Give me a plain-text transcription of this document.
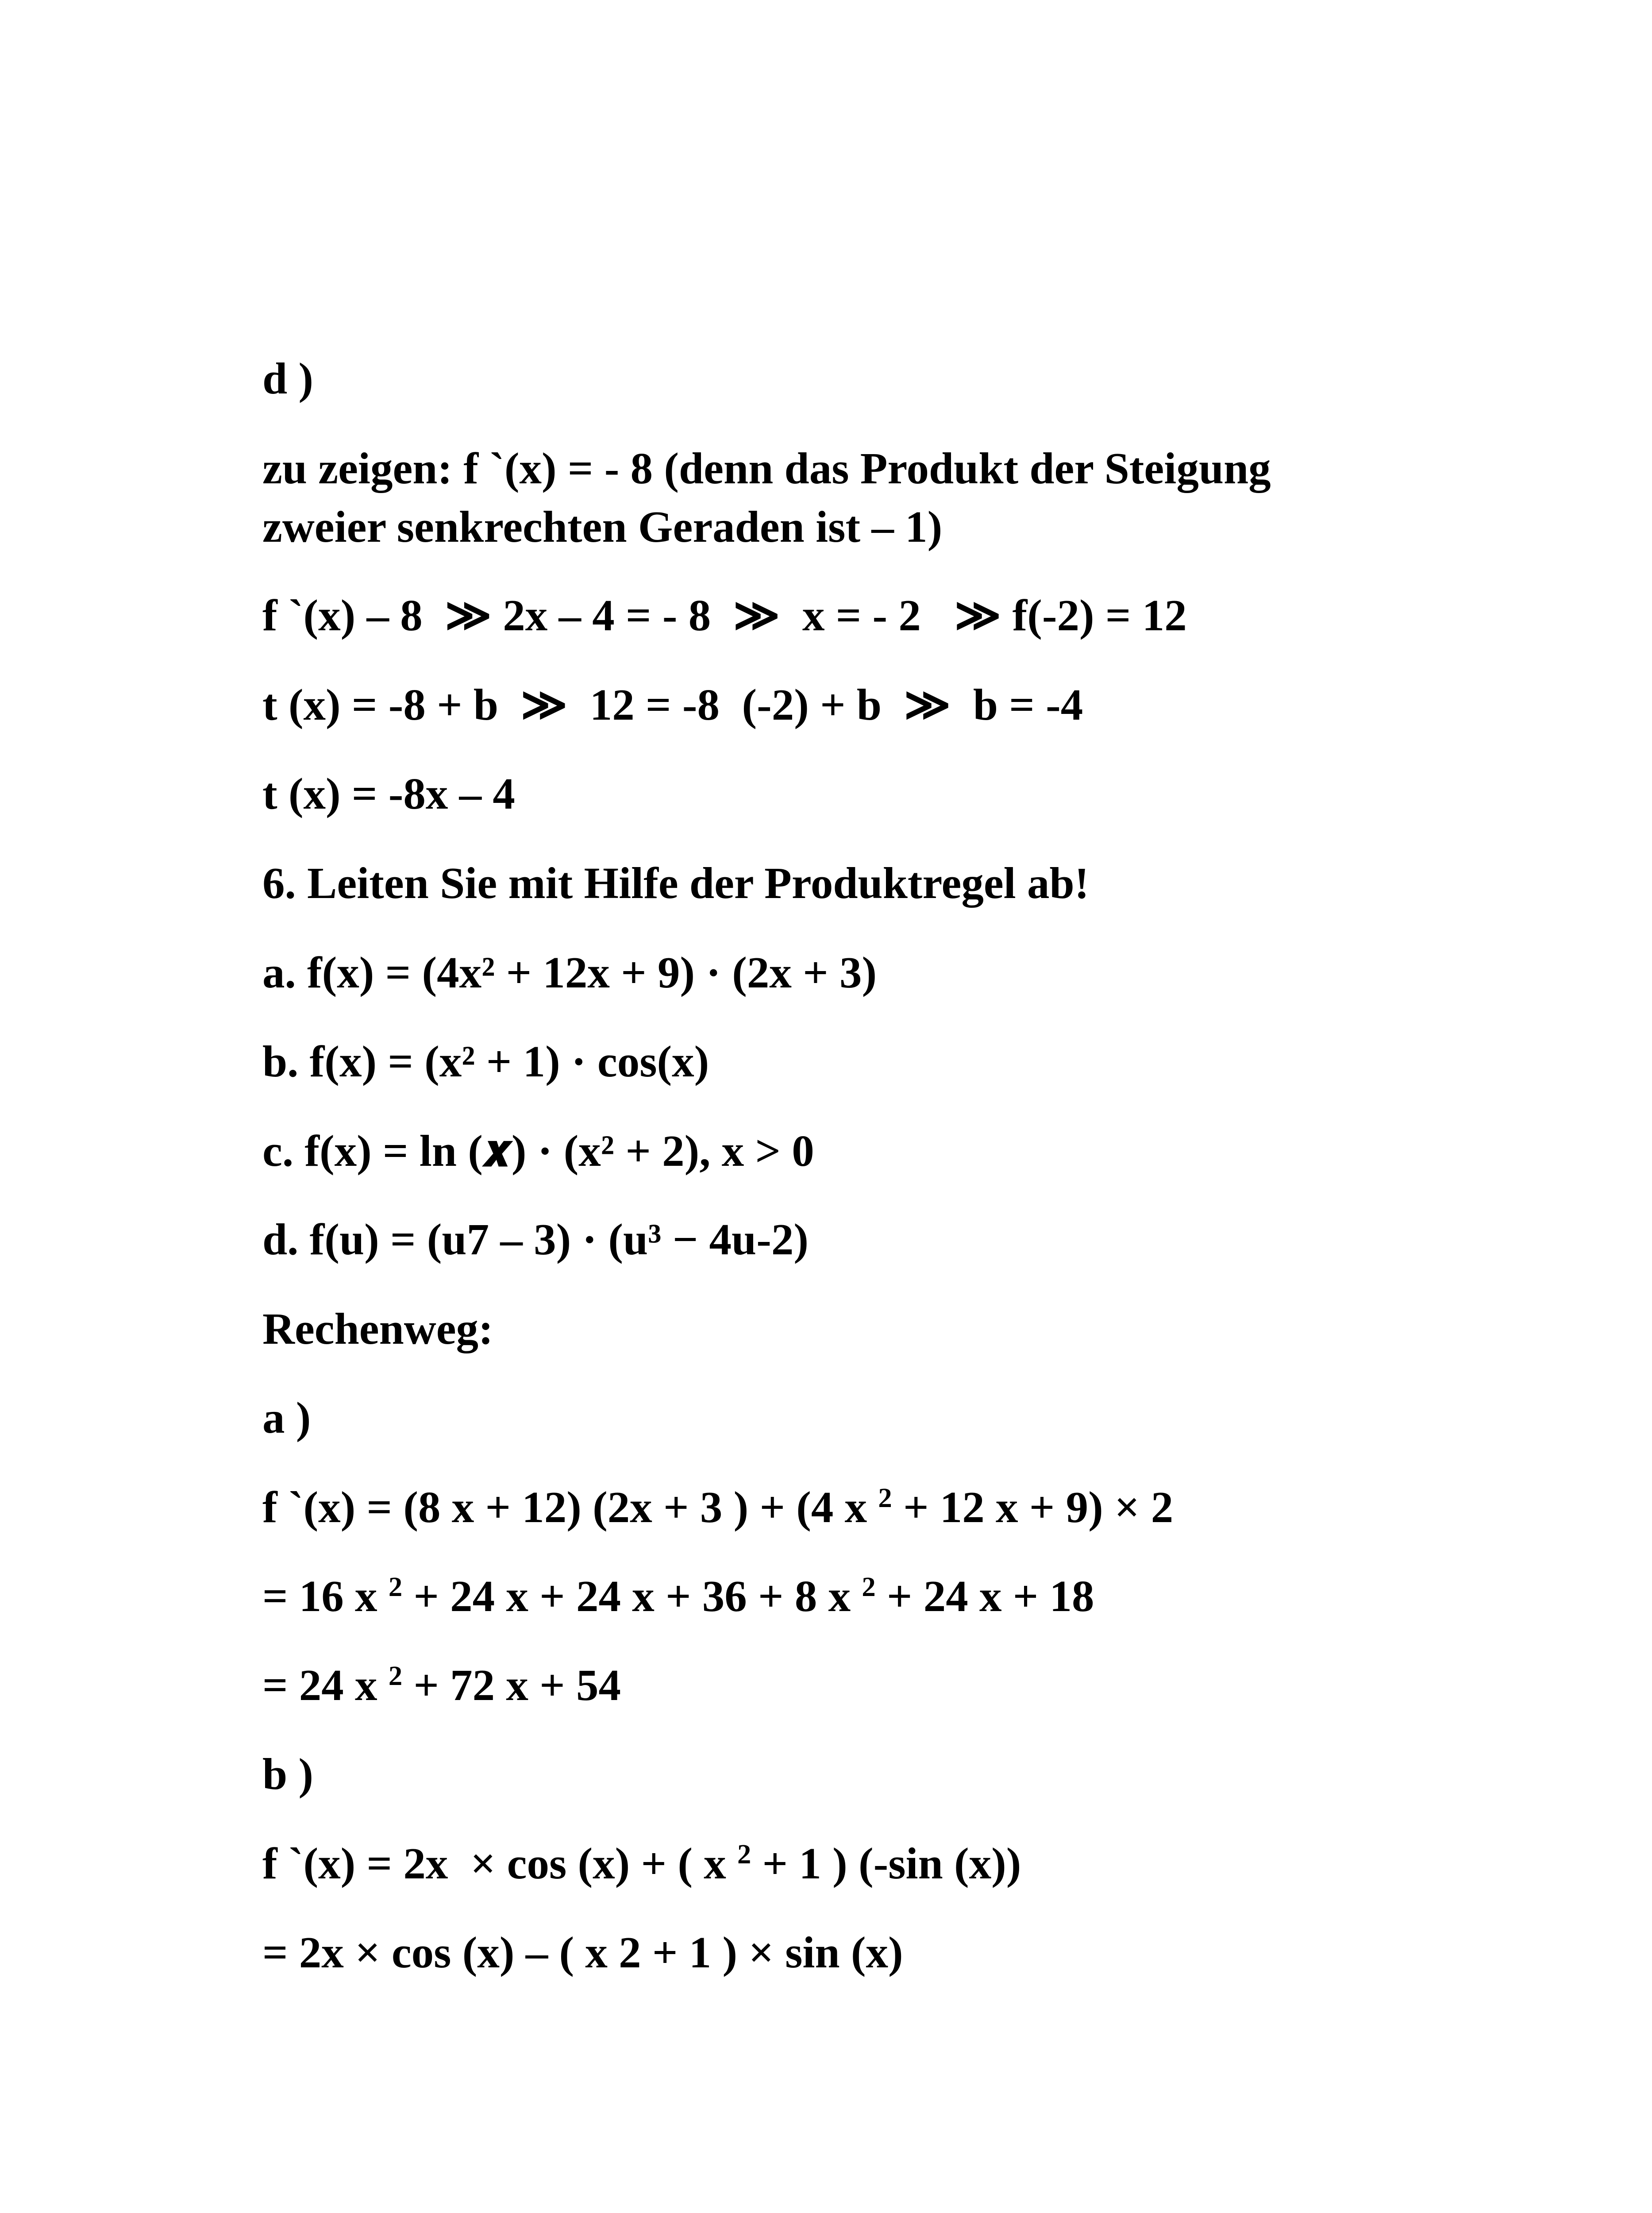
d )

zu zeigen: f `(x) = - 8 (denn das Produkt der Steigung

zweier senkrechten Geraden ist – 1)

f `(x) – 8  ≫ 2x – 4 = - 8  ≫  x = - 2   ≫ f(-2) = 12

t (x) = -8 + b  ≫  12 = -8  (-2) + b  ≫  b = -4

t (x) = -8x – 4

6. Leiten Sie mit Hilfe der Produktregel ab!

a. f(x) = (4x² + 12x + 9) · (2x + 3)

b. f(x) = (x² + 1) · cos(x)

c. f(x) = ln (𝒙) · (x² + 2), x > 0

d. f(u) = (u7 – 3) · (u³ − 4u-2)

Rechenweg:

a )

f `(x) = (8 x + 12) (2x + 3 ) + (4 x $^2$ + 12 x + 9) × 2

= 16 x $^2$ + 24 x + 24 x + 36 + 8 x $^2$ + 24 x + 18

= 24 x $^2$ + 72 x + 54

b )

f `(x) = 2x  × cos (x) + ( x $^2$ + 1 ) (-sin (x))

= 2x × cos (x) – ( x 2 + 1 ) × sin (x)
